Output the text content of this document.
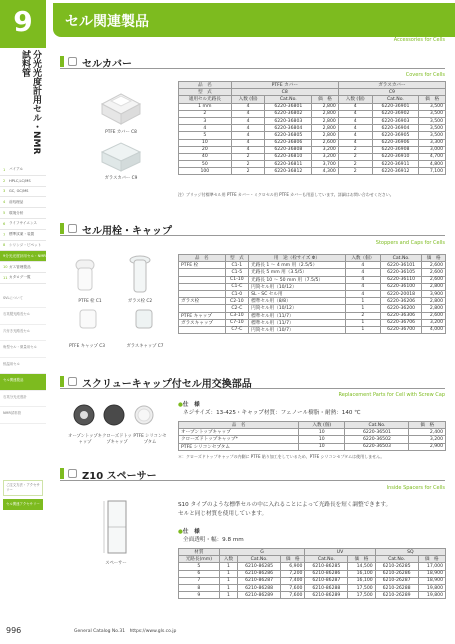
9
分光光度計用セル・NMR試料管
1	バイアル
2	HPLC,LC/MS
3	GC, GC/MS
4	前処理品
5	環境分析
6	ライフサイエンス
7	標準試薬・装置
8	シリンジ・ピペット
9 分光光度計用セル・NMR試料管
10 ガス管理製品
11 カタログ一覧
SVLについて
石英製光路長セル
穴付き光路長セル
角型セル・微量用セル
恒温用セル
セル関連製品
石英分光光度計
NMR試料管
ご注文方法・アクセサリー
セル関連アクセサリー
セル関連製品
Accessories for Cells
セルカバー
Covers for Cells
PTFE カバー C8
ガラスカバー C9
品　名	PTFE カバー			ガラスカバー		
型　式	C8			C9		
適用セル光路長	入数 (個)	Cat.No.	価　格	入数 (個)	Cat.No.	価　格
1 mm	4	6220-36801	2,800	4	6220-36901	3,500
2	4	6220-36802	2,800	4	6220-36902	3,500
3	4	6220-36803	2,800	4	6220-36903	3,500
4	4	6220-36804	2,800	4	6220-36904	3,500
5	4	6220-36805	2,800	4	6220-36905	3,500
10	4	6220-36806	2,600	4	6220-36906	3,300
20	4	6220-36808	3,200	2	6220-36908	3,000
40	2	6220-36810	3,200	2	6220-36910	4,700
50	2	6220-36811	3,700	2	6220-36911	4,800
100	2	6220-36812	4,300	2	6220-36912	7,100
注）ブリッジ付標準セル用 PTFE カバー・ミクロセル用 PTFE カバーも用意しています。詳細はお問い合わせください。
セル用栓・キャップ
Stoppers and Caps for Cells
PTFE 栓 C1	ガラス栓 C2
PTFE キャップ C3	ガラスキャップ C7
品　名	型　式	用　途（栓サイズ Φ）	入数（個）	Cat.No.	価　格
PTFE 栓	C1-1	光路長 1 ～ 4 mm 用（2.5/5）	4	6220-36101	2,600
	C1-5	光路長 5 mm 用（3.5/5）	4	6220-36105	2,600
	C1-10	光路長 10 ～ 50 mm 用（7.5/5）	4	6220-36110	2,600
	C1-C	円筒セル用（10/12）	4	6220-36100	2,800
	C1-0	SL・SC セル用	4	6220-20018	3,900
ガラス栓	C2-10	標準セル用（8/8）	1	6220-36206	2,800
	C2-C	円筒セル用（10/12）	1	6220-36200	2,800
PTFE キャップ	C3-10	標準セル用（11/7）	2	6220-36306	2,600
ガラスキャップ	C7-10	標準セル用（11/7）	1	6220-36706	3,200
	C7-C	円筒セル用（10/7）	1	6220-36700	4,000
スクリューキャップ付セル用交換部品
Replacement Parts for Cell with Screw Cap
オープントップキャップ
クローズドトップキャップ
PTFE シリコンセプタム
●仕　様
ネジサイズ：13-425・キャップ材質：フェノール樹脂・耐熱：140 ℃
品　名	入数 (個)	Cat.No.	価　格
オープントップキャップ	10	6220-36501	2,400
クローズドトップキャップ*	10	6220-36502	3,200
PTFE シリコンセプタム	10	6220-36503	2,900
＊：クローズドトップキャップの内側に PTFE 貼り加工をしているため、PTFE シリコンセプタムは使用しません。
Z10 スペーサー
Inside Spacers for Cells
スペーサー
S10 タイプのような標準セルの中に入れることによって光路長を短く調整できます。
セルと同じ材質を使用しています。
●仕　様
全面透明・幅：9.8 mm
材質	G			UV		SQ	
光路長(mm)	入数	Cat.No.	価　格	Cat.No.	価　格	Cat.No.	価　格
5	1	6210-86285	6,900	6210-86285	14,500	6210-26285	17,000
6	1	6210-86286	7,200	6210-86286	16,100	6210-26286	18,900
7	1	6210-86287	7,400	6210-86287	16,100	6210-26287	18,900
8	1	6210-86288	7,600	6210-86288	17,500	6210-26288	19,800
9	1	6210-86289	7,600	6210-86289	17,500	6210-26289	19,800
996	General Catalog No.31　https://www.gls.co.jp
